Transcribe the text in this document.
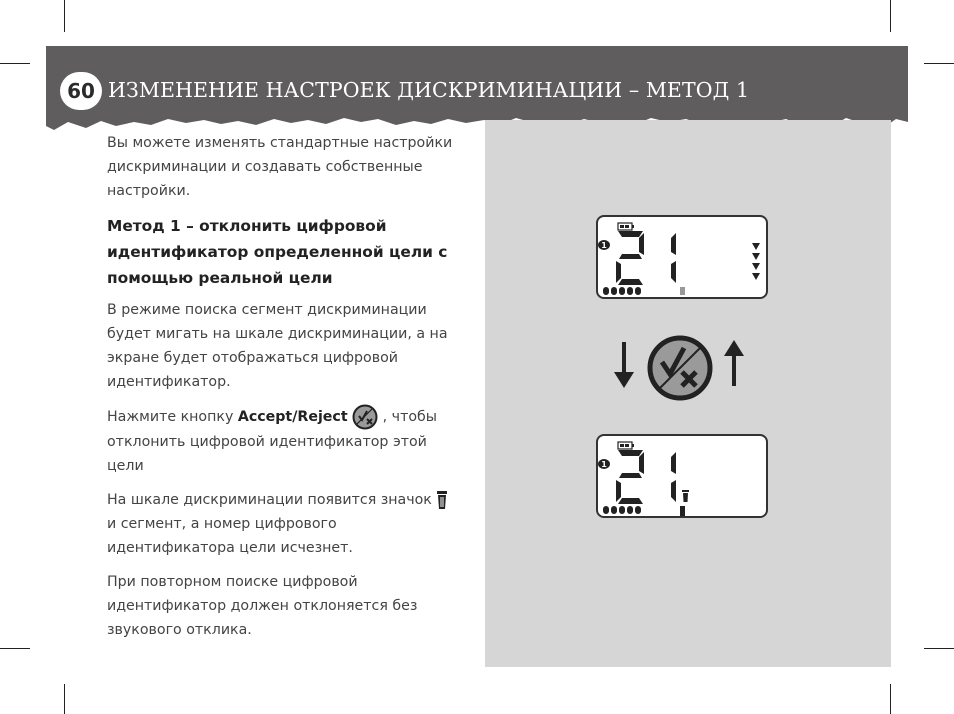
60 ИЗМЕНЕНИЕ НАСТРОЕК ДИСКРИМИНАЦИИ – МЕТОД 1

Вы можете изменять стандартные настройки дискриминации и создавать собственные настройки.

Метод 1 – отклонить цифровой идентификатор определенной цели с помощью реальной цели

В режиме поиска сегмент дискриминации будет мигать на шкале дискриминации, а на экране будет отображаться цифровой идентификатор.

Нажмите кнопку Accept/Reject  , чтобы отклонить цифровой идентификатор этой цели

На шкале дискриминации появится значок  и сегмент, а номер цифрового идентификатора цели исчезнет.

При повторном поиске цифровой идентификатор должен отклоняется без звукового отклика.

1
1
